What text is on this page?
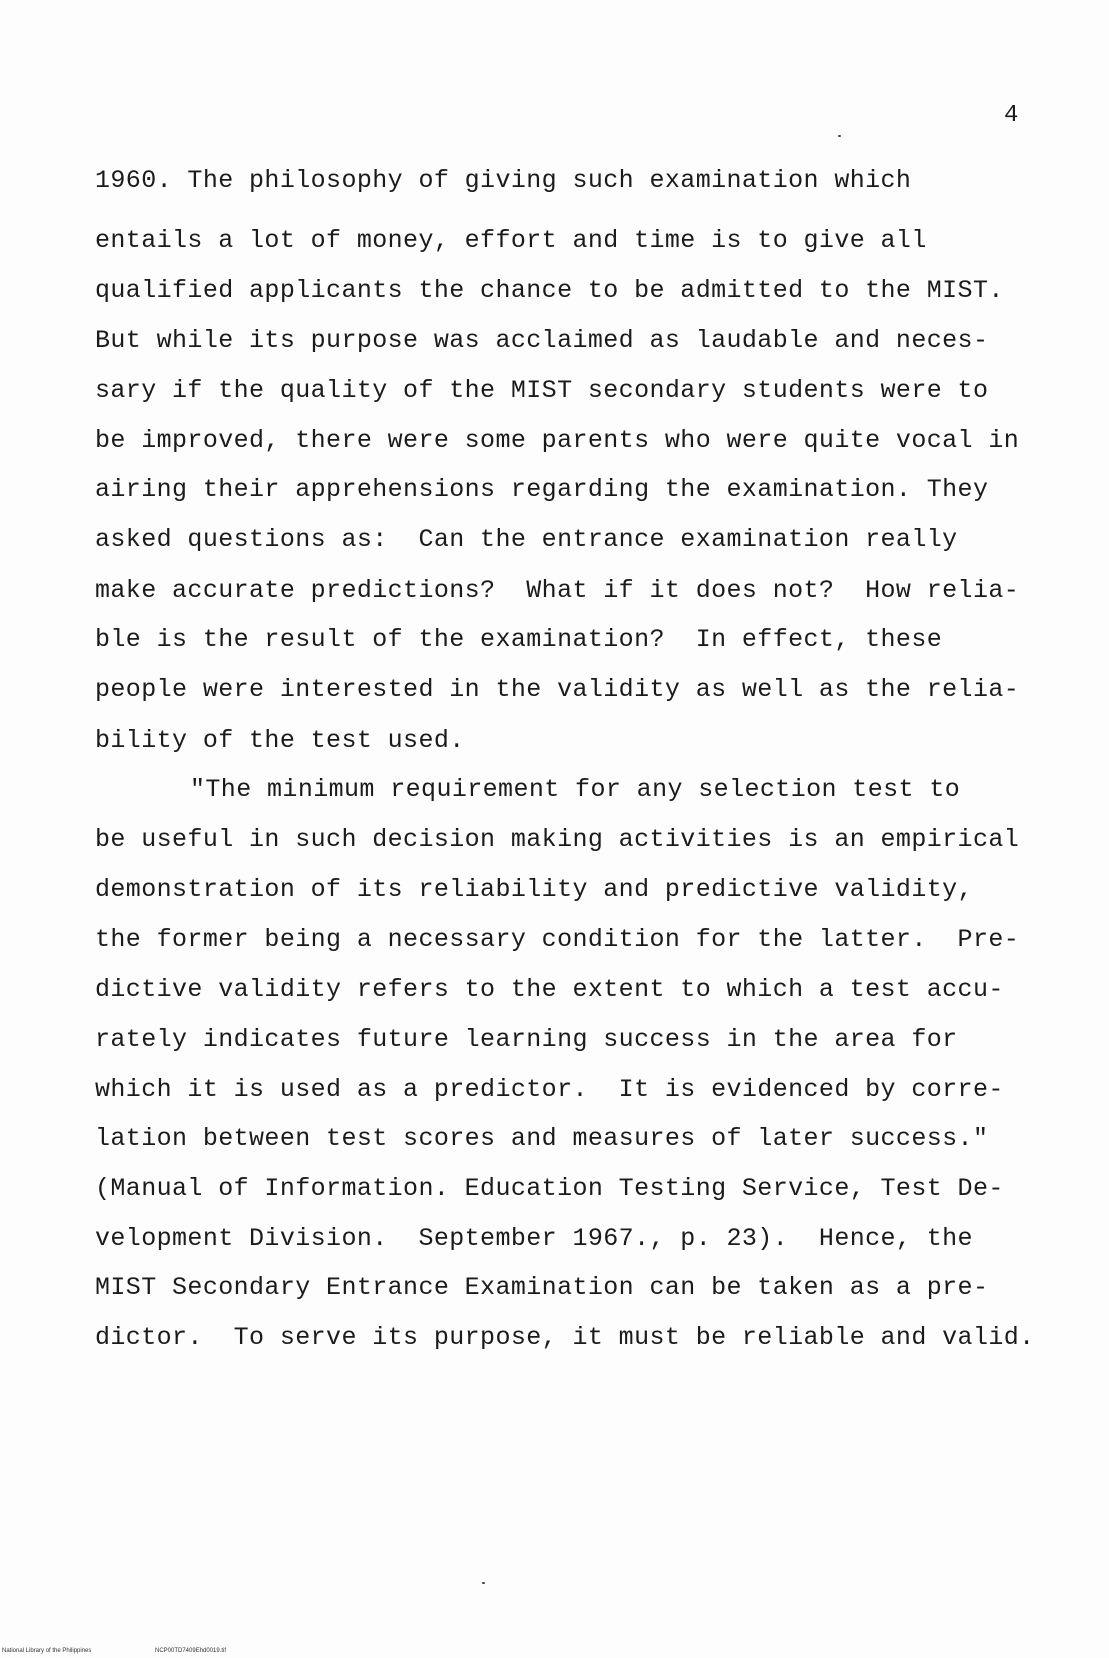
4
1960. The philosophy of giving such examination which
entails a lot of money, effort and time is to give all
qualified applicants the chance to be admitted to the MIST.
But while its purpose was acclaimed as laudable and neces-
sary if the quality of the MIST secondary students were to
be improved, there were some parents who were quite vocal in
airing their apprehensions regarding the examination. They
asked questions as:  Can the entrance examination really
make accurate predictions?  What if it does not?  How relia-
ble is the result of the examination?  In effect, these
people were interested in the validity as well as the relia-
bility of the test used.
"The minimum requirement for any selection test to
be useful in such decision making activities is an empirical
demonstration of its reliability and predictive validity,
the former being a necessary condition for the latter.  Pre-
dictive validity refers to the extent to which a test accu-
rately indicates future learning success in the area for
which it is used as a predictor.  It is evidenced by corre-
lation between test scores and measures of later success."
(Manual of Information. Education Testing Service, Test De-
velopment Division.  September 1967., p. 23).  Hence, the
MIST Secondary Entrance Examination can be taken as a pre-
dictor.  To serve its purpose, it must be reliable and valid.
National Library of the Philippines	NCP00TD7409Ehd0019.tif
